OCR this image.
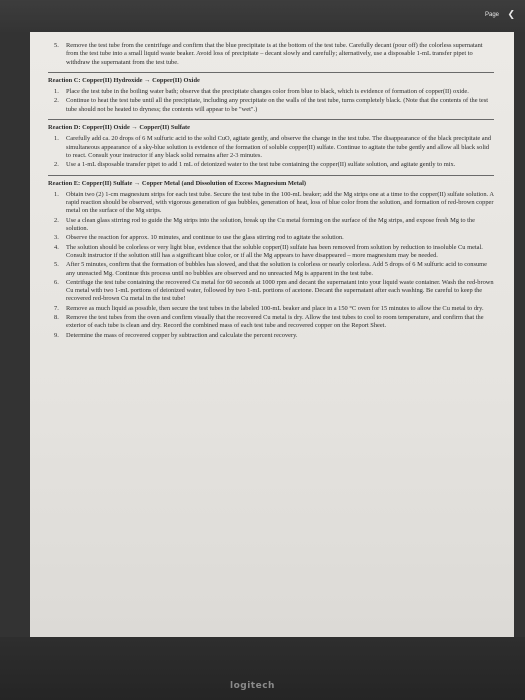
Page ❮
5.	Remove the test tube from the centrifuge and confirm that the blue precipitate is at the bottom of the test tube. Carefully decant (pour off) the colorless supernatant from the test tube into a small liquid waste beaker. Avoid loss of precipitate – decant slowly and carefully; alternatively, use a disposable 1-mL transfer pipet to withdraw the supernatant from the test tube.
Reaction C: Copper(II) Hydroxide → Copper(II) Oxide
1.	Place the test tube in the boiling water bath; observe that the precipitate changes color from blue to black, which is evidence of formation of copper(II) oxide.
2.	Continue to heat the test tube until all the precipitate, including any precipitate on the walls of the test tube, turns completely black. (Note that the contents of the test tube should not be heated to dryness; the contents will appear to be "wet".)
Reaction D: Copper(II) Oxide → Copper(II) Sulfate
1.	Carefully add ca. 20 drops of 6 M sulfuric acid to the solid CuO, agitate gently, and observe the change in the test tube. The disappearance of the black precipitate and simultaneous appearance of a sky-blue solution is evidence of the formation of soluble copper(II) sulfate. Continue to agitate the tube gently and allow all black solid to react. Consult your instructor if any black solid remains after 2-3 minutes.
2.	Use a 1-mL disposable transfer pipet to add 1 mL of deionized water to the test tube containing the copper(II) sulfate solution, and agitate gently to mix.
Reaction E: Copper(II) Sulfate → Copper Metal (and Dissolution of Excess Magnesium Metal)
1.	Obtain two (2) 1-cm magnesium strips for each test tube. Secure the test tube in the 100-mL beaker; add the Mg strips one at a time to the copper(II) sulfate solution. A rapid reaction should be observed, with vigorous generation of gas bubbles, generation of heat, loss of blue color from the solution, and formation of red-brown copper metal on the surface of the Mg strips.
2.	Use a clean glass stirring rod to guide the Mg strips into the solution, break up the Cu metal forming on the surface of the Mg strips, and expose fresh Mg to the solution.
3.	Observe the reaction for approx. 10 minutes, and continue to use the glass stirring rod to agitate the solution.
4.	The solution should be colorless or very light blue, evidence that the soluble copper(II) sulfate has been removed from solution by reduction to insoluble Cu metal. Consult instructor if the solution still has a significant blue color, or if all the Mg appears to have disappeared – more magnesium may be needed.
5.	After 5 minutes, confirm that the formation of bubbles has slowed, and that the solution is colorless or nearly colorless. Add 5 drops of 6 M sulfuric acid to consume any unreacted Mg. Continue this process until no bubbles are observed and no unreacted Mg is apparent in the test tube.
6.	Centrifuge the test tube containing the recovered Cu metal for 60 seconds at 1000 rpm and decant the supernatant into your liquid waste container. Wash the red-brown Cu metal with two 1-mL portions of deionized water, followed by two 1-mL portions of acetone. Decant the supernatant after each washing. Be careful to keep the recovered red-brown Cu metal in the test tube!
7.	Remove as much liquid as possible, then secure the test tubes in the labeled 100-mL beaker and place in a 150 °C oven for 15 minutes to allow the Cu metal to dry.
8.	Remove the test tubes from the oven and confirm visually that the recovered Cu metal is dry. Allow the test tubes to cool to room temperature, and confirm that the exterior of each tube is clean and dry. Record the combined mass of each test tube and recovered copper on the Report Sheet.
9.	Determine the mass of recovered copper by subtraction and calculate the percent recovery.
logitech
